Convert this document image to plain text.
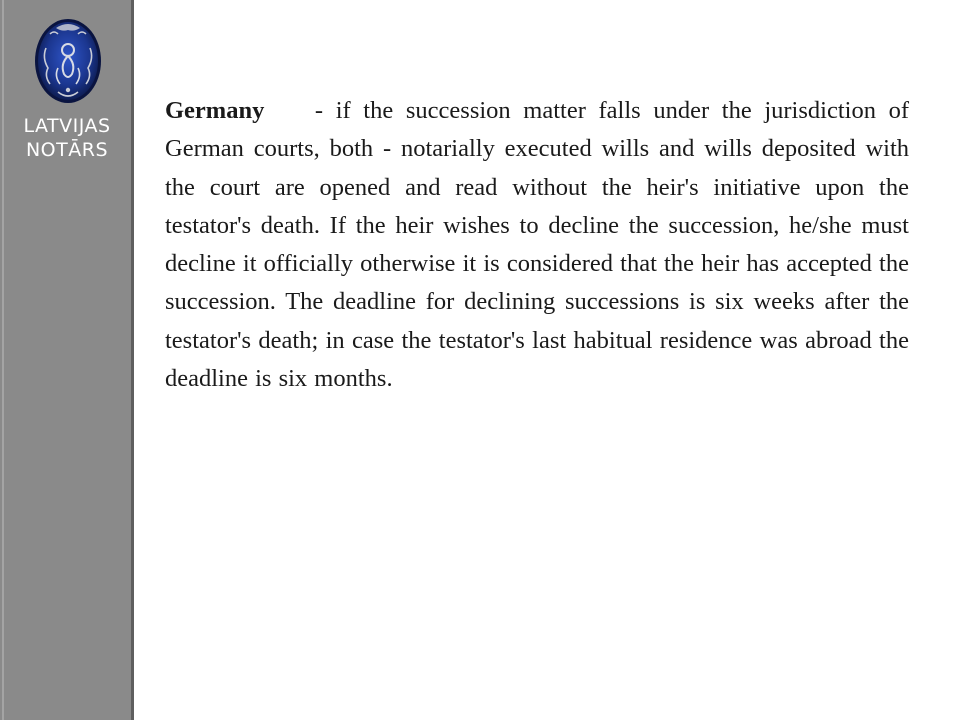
LATVIJAS
NOTĀRS
Germany - if the succession matter falls under the jurisdiction of German courts, both - notarially executed wills and wills deposited with the court are opened and read without the heir's initiative upon the testator's death. If the heir wishes to decline the succession, he/she must decline it officially otherwise it is considered that the heir has accepted the succession. The deadline for declining successions is six weeks after the testator's death; in case the testator's last habitual residence was abroad the deadline is six months.
